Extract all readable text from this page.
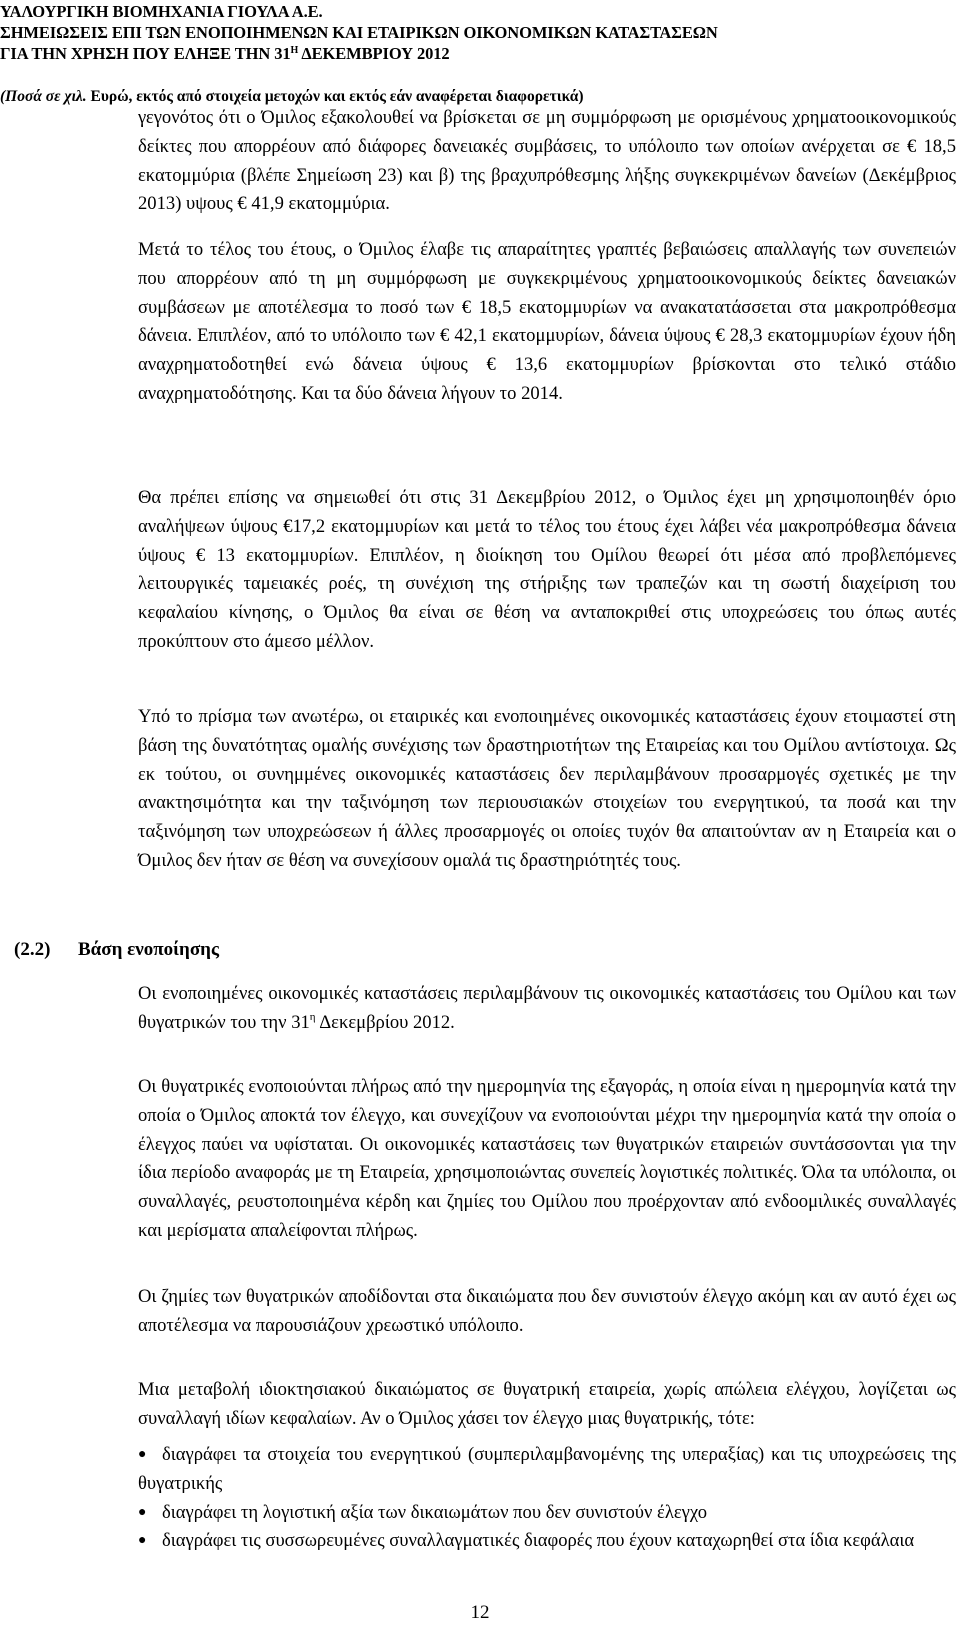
ΥΑΛΟΥΡΓΙΚΗ ΒΙΟΜΗΧΑΝΙΑ ΓΙΟΥΛΑ Α.Ε.
ΣΗΜΕΙΩΣΕΙΣ ΕΠΙ ΤΩΝ ΕΝΟΠΟΙΗΜΕΝΩΝ ΚΑΙ ΕΤΑΙΡΙΚΩΝ ΟΙΚΟΝΟΜΙΚΩΝ ΚΑΤΑΣΤΑΣΕΩΝ
ΓΙΑ ΤΗΝ ΧΡΗΣΗ ΠΟΥ ΕΛΗΞΕ ΤΗΝ $31^H$ ΔΕΚΕΜΒΡΙΟΥ 2012
(Ποσά σε χιλ. Ευρώ, εκτός από στοιχεία μετοχών και εκτός εάν αναφέρεται διαφορετικά)

γεγονότος ότι ο Όμιλος εξακολουθεί να βρίσκεται σε μη συμμόρφωση με ορισμένους χρηματοοικονομικούς δείκτες που απορρέουν από διάφορες δανειακές συμβάσεις, το υπόλοιπο των οποίων ανέρχεται σε € 18,5 εκατομμύρια (βλέπε Σημείωση 23) και β) της βραχυπρόθεσμης λήξης συγκεκριμένων δανείων (Δεκέμβριος 2013) υψους € 41,9 εκατομμύρια.

Μετά το τέλος του έτους, ο Όμιλος έλαβε τις απαραίτητες γραπτές βεβαιώσεις απαλλαγής των συνεπειών που απορρέουν από τη μη συμμόρφωση με συγκεκριμένους χρηματοοικονομικούς δείκτες δανειακών συμβάσεων με αποτέλεσμα το ποσό των € 18,5 εκατομμυρίων να ανακατατάσσεται στα μακροπρόθεσμα δάνεια. Επιπλέον, από το υπόλοιπο των € 42,1 εκατομμυρίων, δάνεια ύψους € 28,3 εκατομμυρίων έχουν ήδη αναχρηματοδοτηθεί ενώ δάνεια ύψους € 13,6 εκατομμυρίων βρίσκονται στο τελικό στάδιο αναχρηματοδότησης. Και τα δύο δάνεια λήγουν το 2014.

Θα πρέπει επίσης να σημειωθεί ότι στις 31 Δεκεμβρίου 2012, ο Όμιλος έχει μη χρησιμοποιηθέν όριο αναλήψεων ύψους €17,2 εκατομμυρίων και μετά το τέλος του έτους έχει λάβει νέα μακροπρόθεσμα δάνεια ύψους € 13 εκατομμυρίων. Επιπλέον, η διοίκηση του Ομίλου θεωρεί ότι μέσα από προβλεπόμενες λειτουργικές ταμειακές ροές, τη συνέχιση της στήριξης των τραπεζών και τη σωστή διαχείριση του κεφαλαίου κίνησης, ο Όμιλος θα είναι σε θέση να ανταποκριθεί στις υποχρεώσεις του όπως αυτές προκύπτουν στο άμεσο μέλλον.

Υπό το πρίσμα των ανωτέρω, οι εταιρικές και ενοποιημένες οικονομικές καταστάσεις έχουν ετοιμαστεί στη βάση της δυνατότητας ομαλής συνέχισης των δραστηριοτήτων της Εταιρείας και του Ομίλου αντίστοιχα. Ως εκ τούτου, οι συνημμένες οικονομικές καταστάσεις δεν περιλαμβάνουν προσαρμογές σχετικές με την ανακτησιμότητα και την ταξινόμηση των περιουσιακών στοιχείων του ενεργητικού, τα ποσά και την ταξινόμηση των υποχρεώσεων ή άλλες προσαρμογές οι οποίες τυχόν θα απαιτούνταν αν η Εταιρεία και ο Όμιλος δεν ήταν σε θέση να συνεχίσουν ομαλά τις δραστηριότητές τους.

(2.2) Βάση ενοποίησης

Οι ενοποιημένες οικονομικές καταστάσεις περιλαμβάνουν τις οικονομικές καταστάσεις του Ομίλου και των θυγατρικών του την $31^\eta$ Δεκεμβρίου 2012.

Οι θυγατρικές ενοποιούνται πλήρως από την ημερομηνία της εξαγοράς, η οποία είναι η ημερομηνία κατά την οποία ο Όμιλος αποκτά τον έλεγχο, και συνεχίζουν να ενοποιούνται μέχρι την ημερομηνία κατά την οποία ο έλεγχος παύει να υφίσταται. Οι οικονομικές καταστάσεις των θυγατρικών εταιρειών συντάσσονται για την ίδια περίοδο αναφοράς με τη Εταιρεία, χρησιμοποιώντας συνεπείς λογιστικές πολιτικές. Όλα τα υπόλοιπα, οι συναλλαγές, ρευστοποιημένα κέρδη και ζημίες του Ομίλου που προέρχονταν από ενδοομιλικές συναλλαγές και μερίσματα απαλείφονται πλήρως.

Οι ζημίες των θυγατρικών αποδίδονται στα δικαιώματα που δεν συνιστούν έλεγχο ακόμη και αν αυτό έχει ως αποτέλεσμα να παρουσιάζουν χρεωστικό υπόλοιπο.

Μια μεταβολή ιδιοκτησιακού δικαιώματος σε θυγατρική εταιρεία, χωρίς απώλεια ελέγχου, λογίζεται ως συναλλαγή ιδίων κεφαλαίων. Αν ο Όμιλος χάσει τον έλεγχο μιας θυγατρικής, τότε:

● διαγράφει τα στοιχεία του ενεργητικού (συμπεριλαμβανομένης της υπεραξίας) και τις υποχρεώσεις της θυγατρικής
● διαγράφει τη λογιστική αξία των δικαιωμάτων που δεν συνιστούν έλεγχο
● διαγράφει τις συσσωρευμένες συναλλαγματικές διαφορές που έχουν καταχωρηθεί στα ίδια κεφάλαια
12
